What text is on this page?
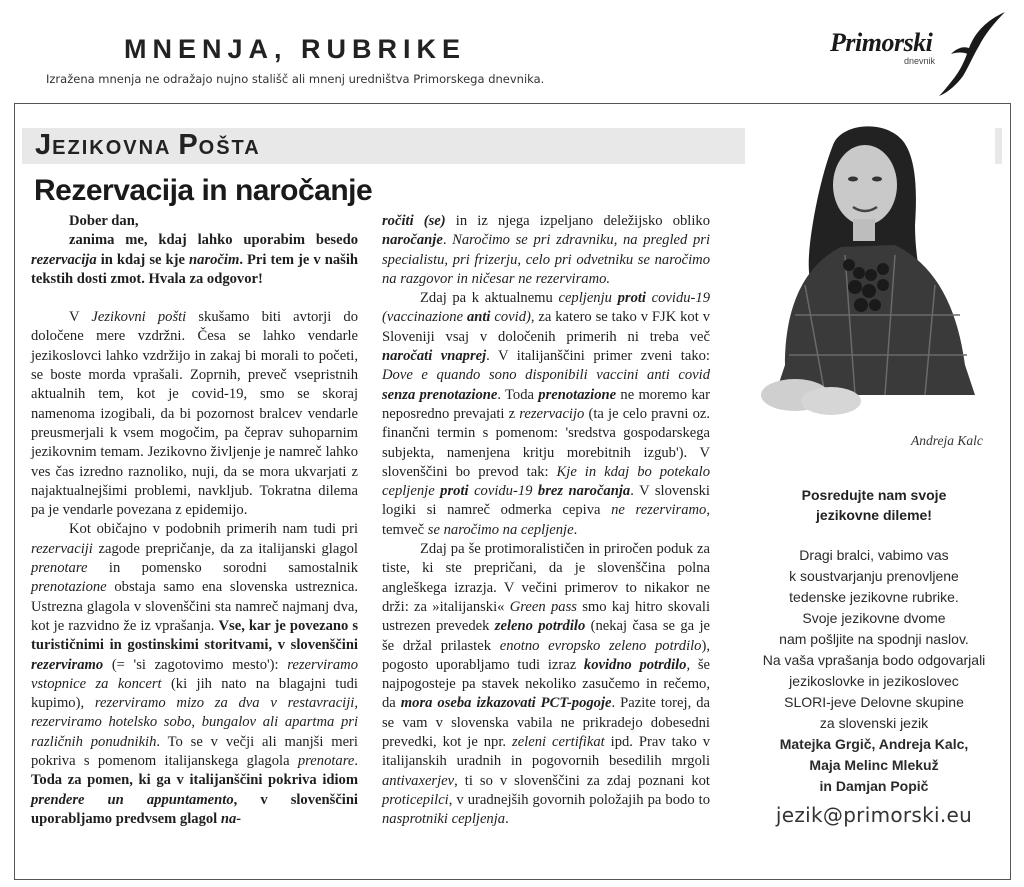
MNENJA, RUBRIKE
Izražena mnenja ne odražajo nujno stališč ali mnenj uredništva Primorskega dnevnika.
Primorski
dnevnik
JEZIKOVNA POŠTA
Rezervacija in naročanje

Dober dan,

zanima me, kdaj lahko uporabim besedo rezervacija in kdaj se kje naročim. Pri tem je v naših tekstih dosti zmot. Hvala za odgovor!

V Jezikovni pošti skušamo biti avtorji do določene mere vzdržni. Česa se lahko vendarle jezikoslovci lahko vzdržijo in zakaj bi morali to početi, se boste morda vprašali. Zoprnih, preveč vsepristnih aktualnih tem, kot je covid-19, smo se skoraj namenoma izogibali, da bi pozornost bralcev vendarle preusmerjali k vsem mogočim, pa čeprav suhoparnim jezikovnim temam. Jezikovno življenje je namreč lahko ves čas izredno raznoliko, nuji, da se mora ukvarjati z najaktualnejšimi problemi, navkljub. Tokratna dilema pa je vendarle povezana z epidemijo.

Kot običajno v podobnih primerih nam tudi pri rezervaciji zagode prepričanje, da za italijanski glagol prenotare in pomensko sorodni samostalnik prenotazione obstaja samo ena slovenska ustreznica. Ustrezna glagola v slovenščini sta namreč najmanj dva, kot je razvidno že iz vprašanja. Vse, kar je povezano s turističnimi in gostinskimi storitvami, v slovenščini rezerviramo (= 'si zagotovimo mesto'): rezerviramo vstopnice za koncert (ki jih nato na blagajni tudi kupimo), rezerviramo mizo za dva v restavraciji, rezerviramo hotelsko sobo, bungalov ali apartma pri različnih ponudnikih. To se v večji ali manjši meri pokriva s pomenom italijanskega glagola prenotare. Toda za pomen, ki ga v italijanščini pokriva idiom prendere un appuntamento, v slovenščini uporabljamo predvsem glagol na-

ročiti (se) in iz njega izpeljano deležijsko obliko naročanje. Naročimo se pri zdravniku, na pregled pri specialistu, pri frizerju, celo pri odvetniku se naročimo na razgovor in ničesar ne rezerviramo.

Zdaj pa k aktualnemu cepljenju proti covidu-19 (vaccinazione anti covid), za katero se tako v FJK kot v Sloveniji vsaj v določenih primerih ni treba več naročati vnaprej. V italijanščini primer zveni tako: Dove e quando sono disponibili vaccini anti covid senza prenotazione. Toda prenotazione ne moremo kar neposredno prevajati z rezervacijo (ta je celo pravni oz. finančni termin s pomenom: 'sredstva gospodarskega subjekta, namenjena kritju morebitnih izgub'). V slovenščini bo prevod tak: Kje in kdaj bo potekalo cepljenje proti covidu-19 brez naročanja. V slovenski logiki si namreč odmerka cepiva ne rezerviramo, temveč se naročimo na cepljenje.

Zdaj pa še protimoralističen in priročen poduk za tiste, ki ste prepričani, da je slovenščina polna angleškega izrazja. V večini primerov to nikakor ne drži: za »italijanski« Green pass smo kaj hitro skovali ustrezen prevedek zeleno potrdilo (nekaj časa se ga je še držal prilastek enotno evropsko zeleno potrdilo), pogosto uporabljamo tudi izraz kovidno potrdilo, še najpogosteje pa stavek nekoliko zasučemo in rečemo, da mora oseba izkazovati PCT-pogoje. Pazite torej, da se vam v slovenska vabila ne prikradejo dobesedni prevedki, kot je npr. zeleni certifikat ipd. Prav tako v italijanskih uradnih in pogovornih besedilih mrgoli antivaxerjev, ti so v slovenščini za zdaj poznani kot proticepilci, v uradnejših govornih položajih pa bodo to nasprotniki cepljenja.

Andreja Kalc
Posredujte nam svoje
jezikovne dileme!
Dragi bralci, vabimo vas
k soustvarjanju prenovljene
tedenske jezikovne rubrike.
Svoje jezikovne dvome
nam pošljite na spodnji naslov.
Na vaša vprašanja bodo odgovarjali
jezikoslovke in jezikoslovec
SLORI-jeve Delovne skupine
za slovenski jezik
Matejka Grgič, Andreja Kalc,
Maja Melinc Mlekuž
in Damjan Popič
jezik@primorski.eu
